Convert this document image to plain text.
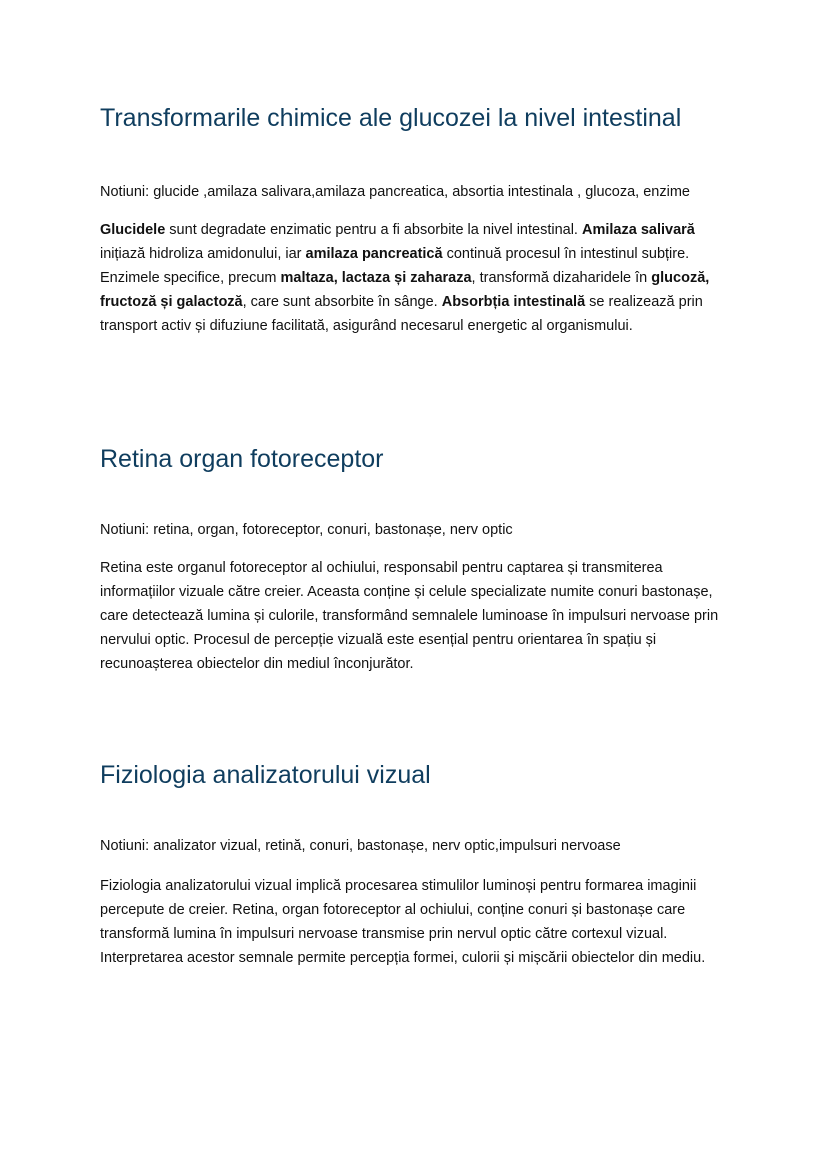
Transformarile chimice ale glucozei la nivel intestinal

Notiuni: glucide ,amilaza salivara,amilaza pancreatica, absortia intestinala , glucoza, enzime

Glucidele sunt degradate enzimatic pentru a fi absorbite la nivel intestinal. Amilaza salivară inițiază hidroliza amidonului, iar amilaza pancreatică continuă procesul în intestinul subțire. Enzimele specifice, precum maltaza, lactaza și zaharaza, transformă dizaharidele în glucoză, fructoză și galactoză, care sunt absorbite în sânge. Absorbția intestinală se realizează prin transport activ și difuziune facilitată, asigurând necesarul energetic al organismului.

Retina organ fotoreceptor

Notiuni: retina, organ, fotoreceptor, conuri, bastonașe, nerv optic

Retina este organul fotoreceptor al ochiului, responsabil pentru captarea și transmiterea informațiilor vizuale către creier. Aceasta conține și celule specializate numite conuri bastonașe, care detectează lumina și culorile, transformând semnalele luminoase în impulsuri nervoase prin nervului optic. Procesul de percepție vizuală este esențial pentru orientarea în spațiu și recunoașterea obiectelor din mediul înconjurător.

Fiziologia analizatorului vizual

Notiuni: analizator vizual, retină, conuri, bastonașe, nerv optic,impulsuri nervoase

Fiziologia analizatorului vizual implică procesarea stimulilor luminoși pentru formarea imaginii percepute de creier. Retina, organ fotoreceptor al ochiului, conține conuri și bastonașe care transformă lumina în impulsuri nervoase transmise prin nervul optic către cortexul vizual. Interpretarea acestor semnale permite percepția formei, culorii și mișcării obiectelor din mediu.
